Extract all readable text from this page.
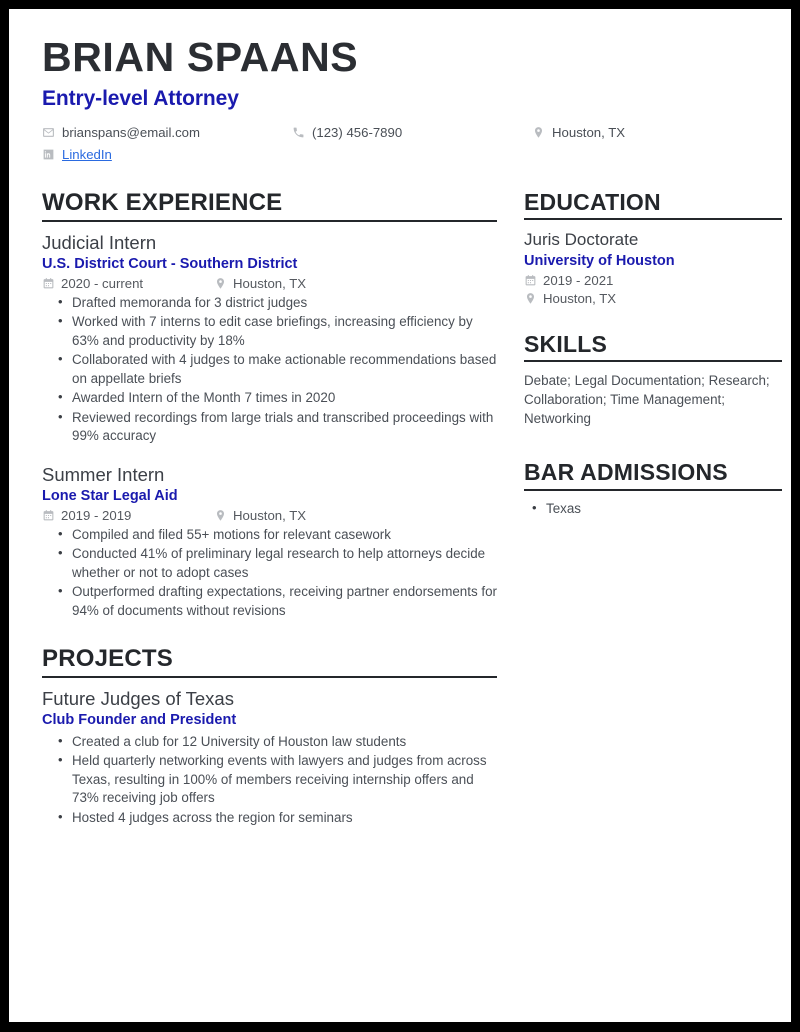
BRIAN SPAANS
Entry-level Attorney
brianspans@email.com	(123) 456-7890	Houston, TX
LinkedIn
WORK EXPERIENCE
Judicial Intern
U.S. District Court - Southern District
2020 - current	Houston, TX
• Drafted memoranda for 3 district judges
• Worked with 7 interns to edit case briefings, increasing efficiency by 63% and productivity by 18%
• Collaborated with 4 judges to make actionable recommendations based on appellate briefs
• Awarded Intern of the Month 7 times in 2020
• Reviewed recordings from large trials and transcribed proceedings with 99% accuracy
Summer Intern
Lone Star Legal Aid
2019 - 2019	Houston, TX
• Compiled and filed 55+ motions for relevant casework
• Conducted 41% of preliminary legal research to help attorneys decide whether or not to adopt cases
• Outperformed drafting expectations, receiving partner endorsements for 94% of documents without revisions
PROJECTS
Future Judges of Texas
Club Founder and President
• Created a club for 12 University of Houston law students
• Held quarterly networking events with lawyers and judges from across Texas, resulting in 100% of members receiving internship offers and 73% receiving job offers
• Hosted 4 judges across the region for seminars
EDUCATION
Juris Doctorate
University of Houston
2019 - 2021
Houston, TX
SKILLS

Debate; Legal Documentation; Research; Collaboration; Time Management; Networking

BAR ADMISSIONS
• Texas
